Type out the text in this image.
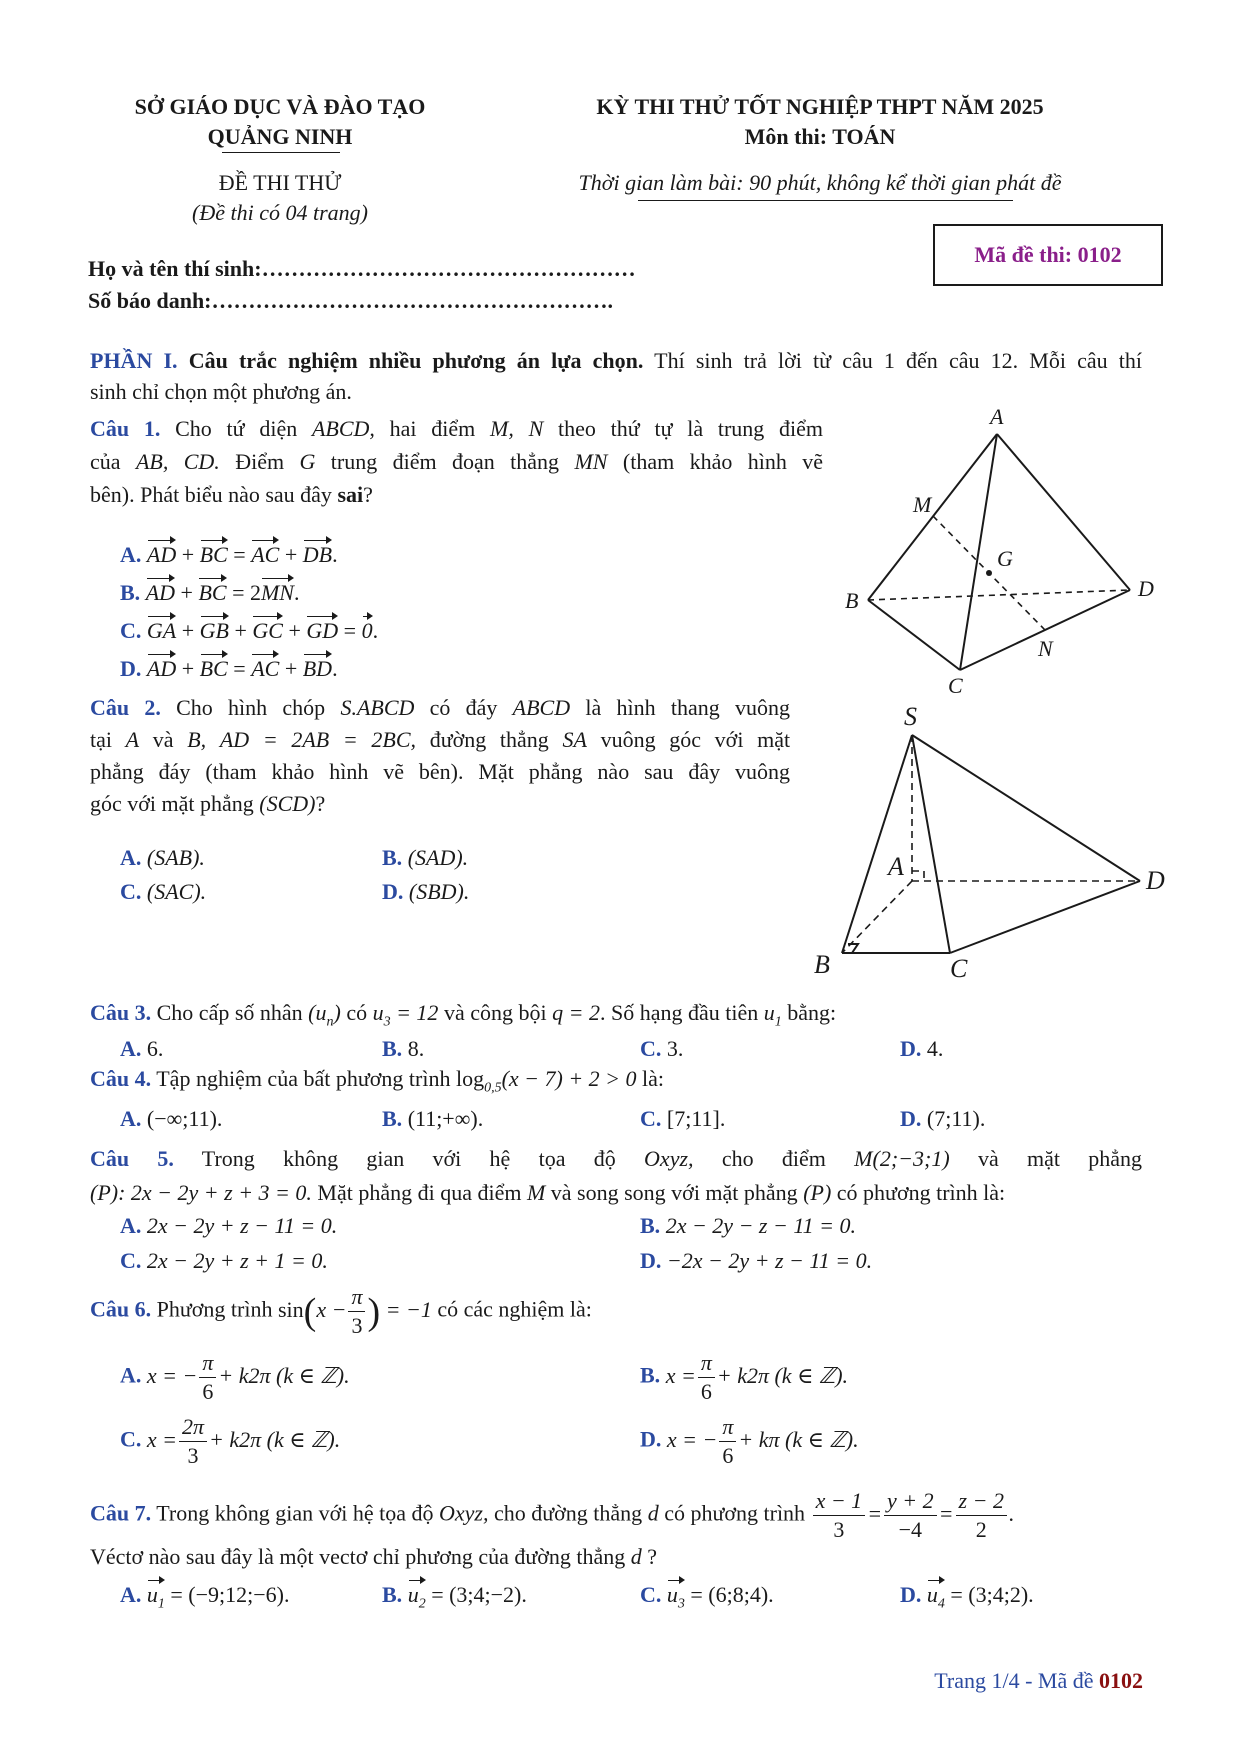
SỞ GIÁO DỤC VÀ ĐÀO TẠO
QUẢNG NINH
ĐỀ THI THỬ
(Đề thi có 04 trang)
KỲ THI THỬ TỐT NGHIỆP THPT NĂM 2025
Môn thi: TOÁN
Thời gian làm bài: 90 phút, không kể thời gian phát đề
Mã đề thi: 0102
Họ và tên thí sinh:……………………………………………
Số báo danh:……………………………………………….
PHẦN I. Câu trắc nghiệm nhiều phương án lựa chọn. Thí sinh trả lời từ câu 1 đến câu 12. Mỗi câu thí
sinh chỉ chọn một phương án.
Câu 1. Cho tứ diện ABCD, hai điểm M, N theo thứ tự là trung điểm
của AB, CD. Điểm G trung điểm đoạn thẳng MN (tham khảo hình vẽ
bên). Phát biểu nào sau đây sai?
A. AD + BC = AC + DB.
B. AD + BC = 2MN.
C. GA + GB + GC + GD = 0.
D. AD + BC = AC + BD.
A
B
C
D
M
N
G
Câu 2. Cho hình chóp S.ABCD có đáy ABCD là hình thang vuông
tại A và B, AD = 2AB = 2BC, đường thẳng SA vuông góc với mặt
phẳng đáy (tham khảo hình vẽ bên). Mặt phẳng nào sau đây vuông
góc với mặt phẳng (SCD)?
A. (SAB).	B. (SAD).
C. (SAC).	D. (SBD).
S
A
B	C
D
Câu 3. Cho cấp số nhân $(u_n)$ có $u_3 = 12$ và công bội q = 2. Số hạng đầu tiên $u_1$ bằng:
A. 6.	B. 8.	C. 3.	D. 4.
Câu 4. Tập nghiệm của bất phương trình $\log_{0,5}(x - 7) + 2 > 0$ là:
A. (−∞;11).	B. (11;+∞).	C. [7;11].	D. (7;11).
Câu 5. Trong không gian với hệ tọa độ Oxyz, cho điểm M(2;−3;1) và mặt phẳng
(P): 2x − 2y + z + 3 = 0. Mặt phẳng đi qua điểm M và song song với mặt phẳng (P) có phương trình là:
A. 2x − 2y + z − 11 = 0.	B. 2x − 2y − z − 11 = 0.
C. 2x − 2y + z + 1 = 0.	D. −2x − 2y + z − 11 = 0.
Câu 6. Phương trình $\sin(x - \frac{\pi}{3}$ ) = −1 có các nghiệm là:
A. x = − $\frac{\pi}{6} + k2\pi$ (k ∈ ℤ).	B. $x = \frac{\pi}{6} + k2\pi$ (k ∈ ℤ).
C. $x = \frac{2\pi}{3} + k2\pi$ (k ∈ ℤ).	D. x = − $\frac{\pi}{6} + k\pi$ (k ∈ ℤ).
Câu 7. Trong không gian với hệ tọa độ Oxyz, cho đường thẳng d có phương trình $\frac{x - 1}{3} = \frac{y + 2}{-4} = \frac{z - 2}{2}$ .
Véctơ nào sau đây là một vectơ chỉ phương của đường thẳng d ?
A. $u_1$ = (−9;12;−6).	B. $u_2$ = (3;4;−2).	C. $u_3$ = (6;8;4).	D. $u_4$ = (3;4;2).
Trang 1/4 - Mã đề 0102
